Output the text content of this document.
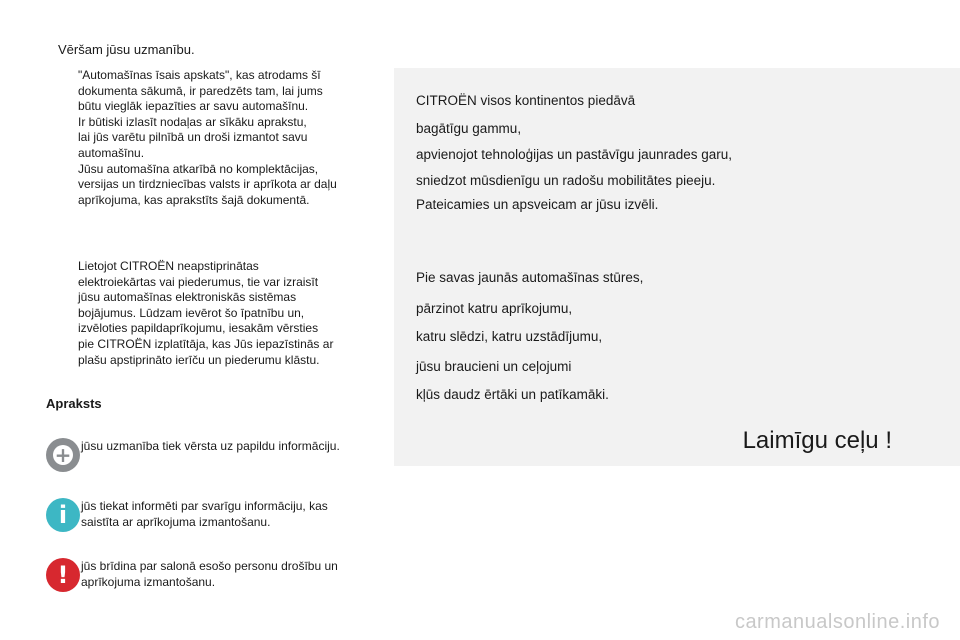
Vēršam jūsu uzmanību.

"Automašīnas īsais apskats", kas atrodams šī

dokumenta sākumā, ir paredzēts tam, lai jums

būtu vieglāk iepazīties ar savu automašīnu.

Ir būtiski izlasīt nodaļas ar sīkāku aprakstu,

lai jūs varētu pilnībā un droši izmantot savu

automašīnu.

Jūsu automašīna atkarībā no komplektācijas,

versijas un tirdzniecības valsts ir aprīkota ar daļu

aprīkojuma, kas aprakstīts šajā dokumentā.

Lietojot CITROËN neapstiprinātas

elektroiekārtas vai piederumus, tie var izraisīt

jūsu automašīnas elektroniskās sistēmas

bojājumus. Lūdzam ievērot šo īpatnību un,

izvēloties papildaprīkojumu, iesakām vērsties

pie CITROËN izplatītāja, kas Jūs iepazīstinās ar

plašu apstiprināto ierīču un piederumu klāstu.

Apraksts
+ jūsu uzmanība tiek vērsta uz papildu informāciju.
i	jūs tiekat informēti par svarīgu informāciju, kas
saistīta ar aprīkojuma izmantošanu.
!	jūs brīdina par salonā esošo personu drošību un
aprīkojuma izmantošanu.
CITROËN visos kontinentos piedāvā
bagātīgu gammu,
apvienojot tehnoloģijas un pastāvīgu jaunrades garu,
sniedzot mūsdienīgu un radošu mobilitātes pieeju.
Pateicamies un apsveicam ar jūsu izvēli.
Pie savas jaunās automašīnas stūres,
pārzinot katru aprīkojumu,
katru slēdzi, katru uzstādījumu,
jūsu braucieni un ceļojumi
kļūs daudz ērtāki un patīkamāki.
Laimīgu ceļu !
carmanualsonline.info
